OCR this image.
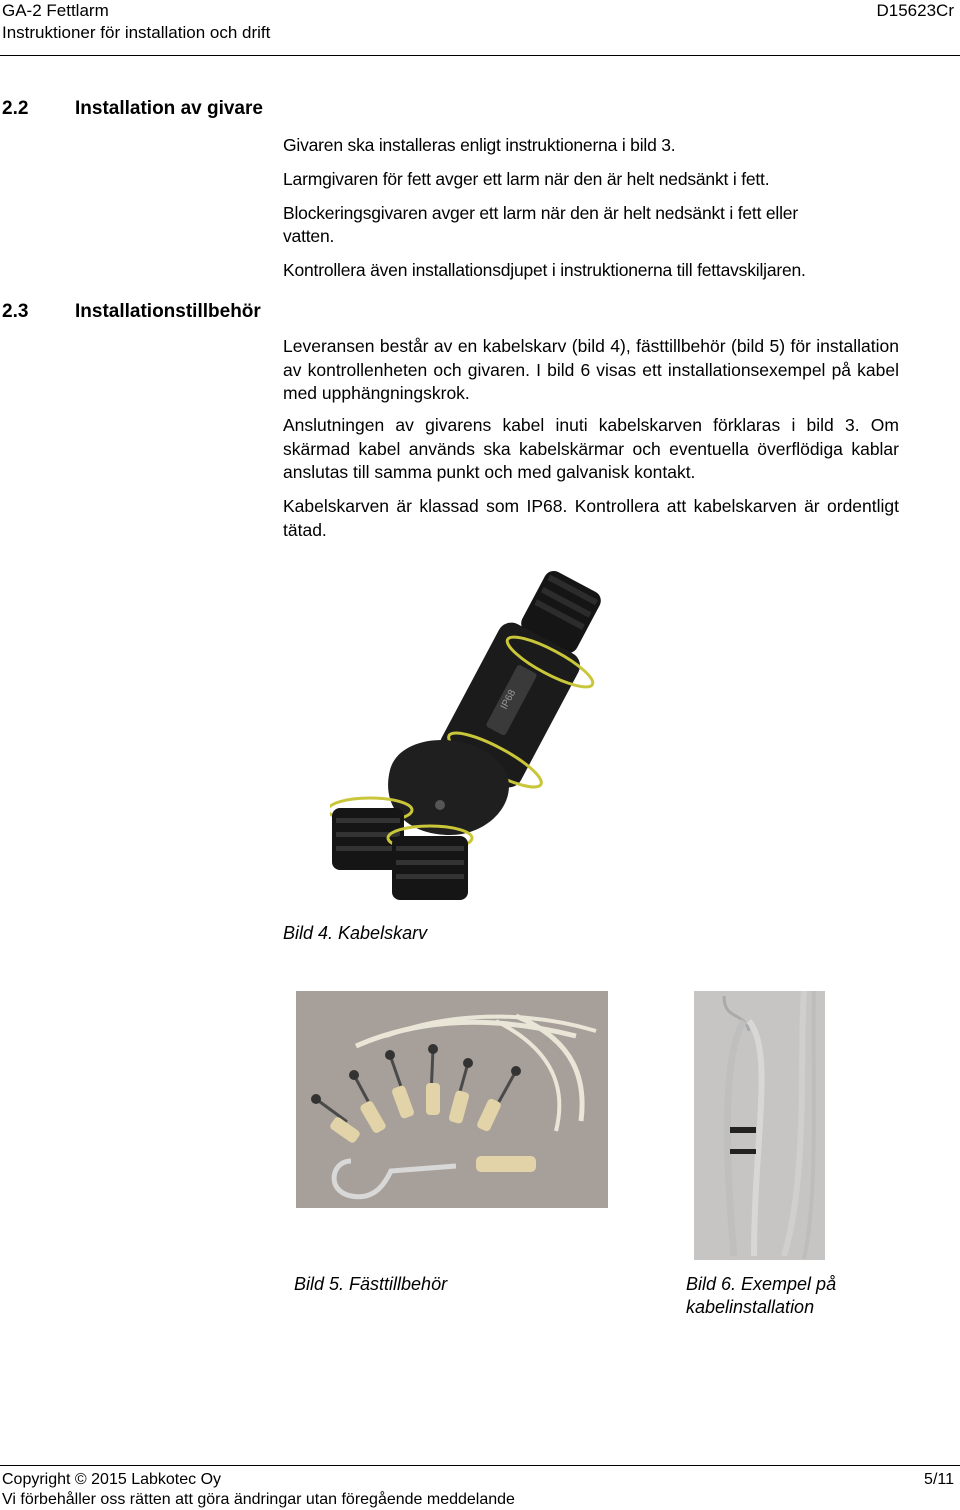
GA-2 Fettlarm
Instruktioner för installation och drift
D15623Cr
2.2 Installation av givare
Givaren ska installeras enligt instruktionerna i bild 3.
Larmgivaren för fett avger ett larm när den är helt nedsänkt i fett.
Blockeringsgivaren avger ett larm när den är helt nedsänkt i fett eller
vatten.
Kontrollera även installationsdjupet i instruktionerna till fettavskiljaren.
2.3 Installationstillbehör
Leveransen består av en kabelskarv (bild 4), fästtillbehör (bild 5) för installation av kontrollenheten och givaren. I bild 6 visas ett installationsexempel på kabel med upphängningskrok.
Anslutningen av givarens kabel inuti kabelskarven förklaras i bild 3. Om skärmad kabel används ska kabelskärmar och eventuella överflödiga kablar anslutas till samma punkt och med galvanisk kontakt.
Kabelskarven är klassad som IP68. Kontrollera att kabelskarven är ordentligt tätad.
IP68
Bild 4. Kabelskarv
Bild 5. Fästtillbehör	Bild 6. Exempel på
kabelinstallation
Copyright © 2015 Labkotec Oy	5/11
Vi förbehåller oss rätten att göra ändringar utan föregående meddelande
